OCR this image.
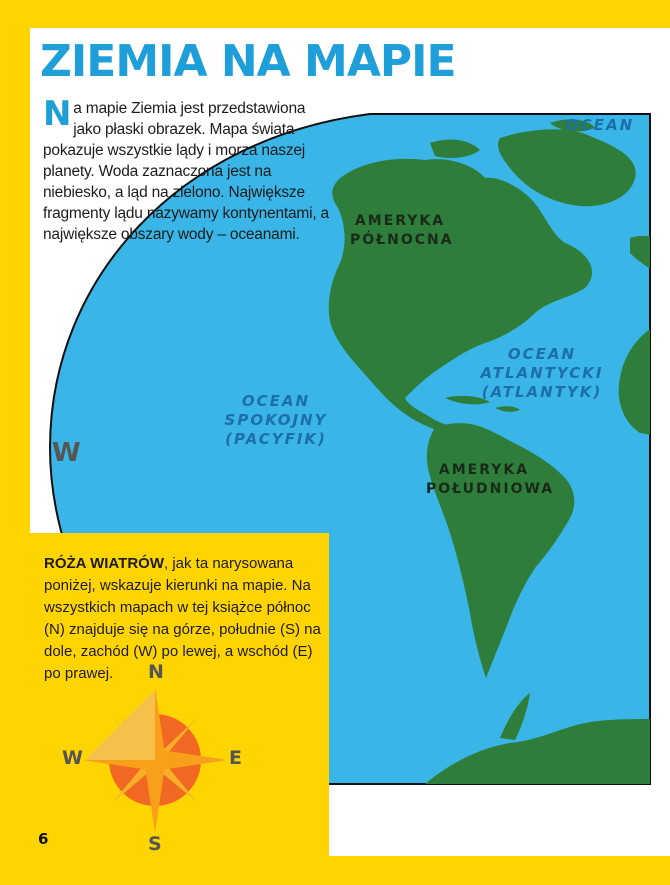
ZIEMIA NA MAPIE
Na mapie Ziemia jest przedstawiona jako płaski obrazek. Mapa świata pokazuje wszystkie lądy i morza naszej planety. Woda zaznaczona jest na niebiesko, a ląd na zielono. Największe fragmenty lądu nazywamy kontynentami, a największe obszary wody – oceanami.
W
OCEAN
AMERYKA
PÓŁNOCNA
OCEAN
ATLANTYCKI
(ATLANTYK)
OCEAN
SPOKOJNY
(PACYFIK)
AMERYKA
POŁUDNIOWA
RÓŻA WIATRÓW, jak ta narysowana poniżej, wskazuje kierunki na mapie. Na wszystkich mapach w tej książce północ (N) znajduje się na górze, południe (S) na dole, zachód (W) po lewej, a wschód (E) po prawej.	N
W	E
S
6
